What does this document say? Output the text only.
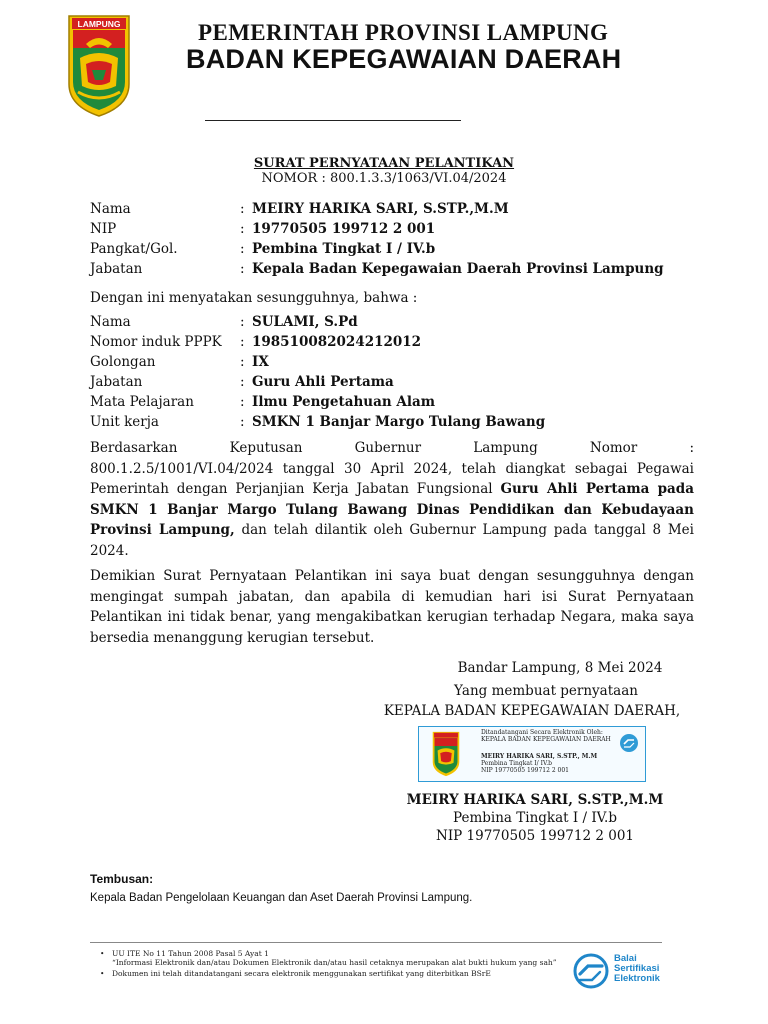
LAMPUNG	PEMERINTAH PROVINSI LAMPUNG
BADAN KEPEGAWAIAN DAERAH
SURAT PERNYATAAN PELANTIKAN
NOMOR : 800.1.3.3/1063/VI.04/2024
Nama	: MEIRY HARIKA SARI, S.STP.,M.M
NIP	: 19770505 199712 2 001
Pangkat/Gol.	: Pembina Tingkat I / IV.b
Jabatan	: Kepala Badan Kepegawaian Daerah Provinsi Lampung
Dengan ini menyatakan sesungguhnya, bahwa :
Nama	: SULAMI, S.Pd
Nomor induk PPPK : 198510082024212012
Golongan	: IX
Jabatan	: Guru Ahli Pertama
Mata Pelajaran	: Ilmu Pengetahuan Alam
Unit kerja	: SMKN 1 Banjar Margo Tulang Bawang
Berdasarkan Keputusan Gubernur Lampung Nomor :
800.1.2.5/1001/VI.04/2024 tanggal 30 April 2024, telah diangkat sebagai Pegawai Pemerintah dengan Perjanjian Kerja Jabatan Fungsional Guru Ahli Pertama pada SMKN 1 Banjar Margo Tulang Bawang Dinas Pendidikan dan Kebudayaan Provinsi Lampung, dan telah dilantik oleh Gubernur Lampung pada tanggal 8 Mei 2024.
Demikian Surat Pernyataan Pelantikan ini saya buat dengan sesungguhnya dengan mengingat sumpah jabatan, dan apabila di kemudian hari isi Surat Pernyataan Pelantikan ini tidak benar, yang mengakibatkan kerugian terhadap Negara, maka saya bersedia menanggung kerugian tersebut.
Bandar Lampung, 8 Mei 2024
Yang membuat pernyataan
KEPALA BADAN KEPEGAWAIAN DAERAH,
Ditandatangani Secara Elektronik Oleh:
KEPALA BADAN KEPEGAWAIAN DAERAH
MEIRY HARIKA SARI, S.STP., M.M
Pembina Tingkat I/ IV.b
NIP 19770505 199712 2 001
MEIRY HARIKA SARI, S.STP.,M.M
Pembina Tingkat I / IV.b
NIP 19770505 199712 2 001
Tembusan:
Kepala Badan Pengelolaan Keuangan dan Aset Daerah Provinsi Lampung.
• UU ITE No 11 Tahun 2008 Pasal 5 Ayat 1
“Informasi Elektronik dan/atau Dokumen Elektronik dan/atau hasil cetaknya merupakan alat bukti hukum yang sah”
• Dokumen ini telah ditandatangani secara elektronik menggunakan sertifikat yang diterbitkan BSrE
Balai
Sertifikasi
Elektronik
